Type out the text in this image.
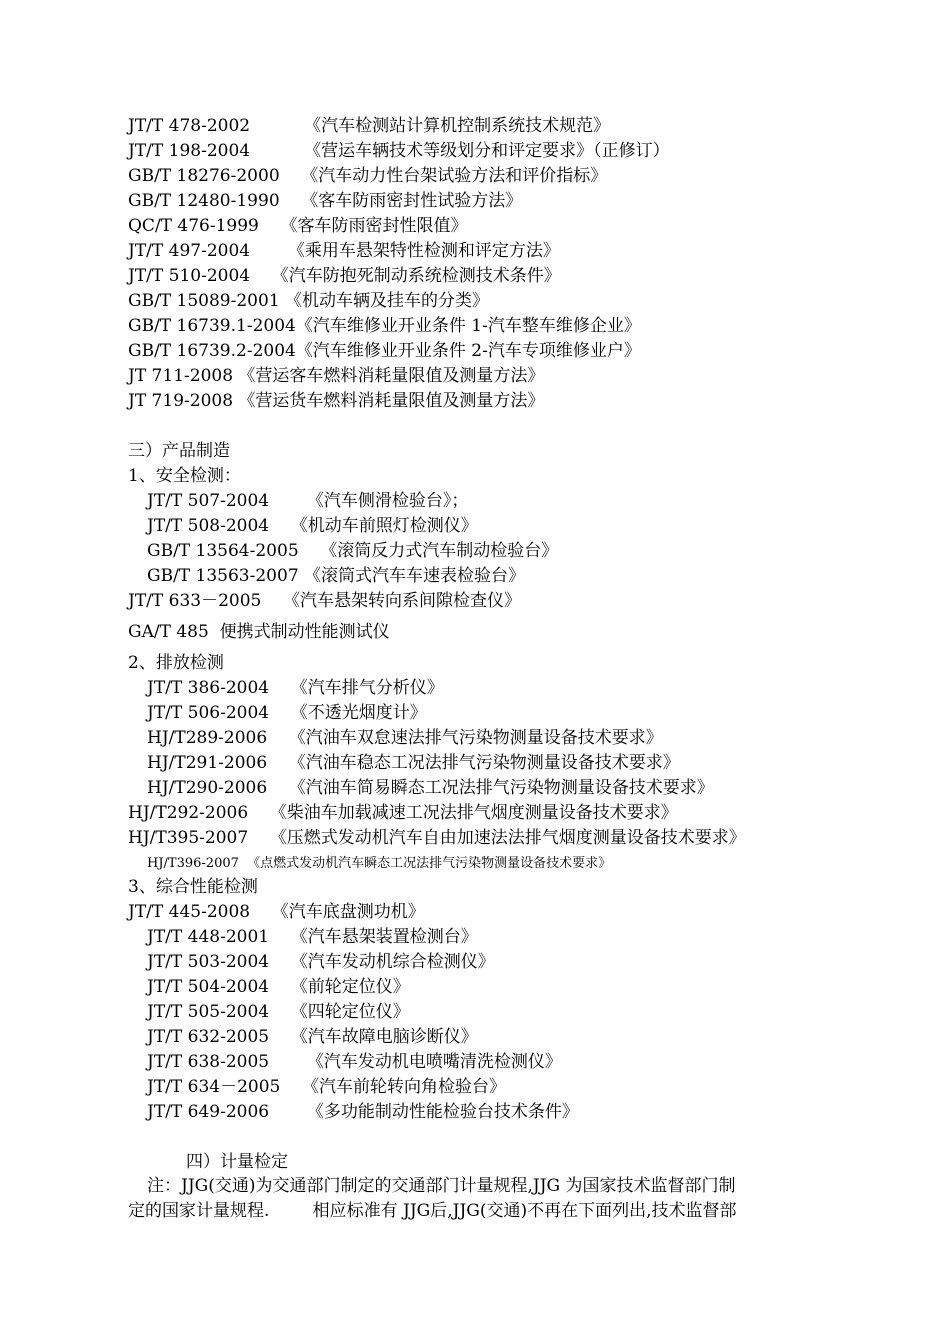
JT/T 478-2002          《汽车检测站计算机控制系统技术规范》
JT/T 198-2004          《营运车辆技术等级划分和评定要求》（正修订）
GB/T 18276-2000    《汽车动力性台架试验方法和评价指标》
GB/T 12480-1990    《客车防雨密封性试验方法》
QC/T 476-1999    《客车防雨密封性限值》
JT/T 497-2004       《乘用车悬架特性检测和评定方法》
JT/T 510-2004    《汽车防抱死制动系统检测技术条件》
GB/T 15089-2001 《机动车辆及挂车的分类》
GB/T 16739.1-2004《汽车维修业开业条件 1-汽车整车维修企业》
GB/T 16739.2-2004《汽车维修业开业条件 2-汽车专项维修业户》
JT 711-2008 《营运客车燃料消耗量限值及测量方法》
JT 719-2008 《营运货车燃料消耗量限值及测量方法》
三）产品制造
1、安全检测：
JT/T 507-2004       《汽车侧滑检验台》；
JT/T 508-2004    《机动车前照灯检测仪》
GB/T 13564-2005    《滚筒反力式汽车制动检验台》
GB/T 13563-2007 《滚筒式汽车车速表检验台》
JT/T 633－2005    《汽车悬架转向系间隙检查仪》
GA/T 485  便携式制动性能测试仪
2、排放检测
JT/T 386-2004    《汽车排气分析仪》
JT/T 506-2004    《不透光烟度计》
HJ/T289-2006    《汽油车双怠速法排气污染物测量设备技术要求》
HJ/T291-2006    《汽油车稳态工况法排气污染物测量设备技术要求》
HJ/T290-2006    《汽油车简易瞬态工况法排气污染物测量设备技术要求》
HJ/T292-2006    《柴油车加载减速工况法排气烟度测量设备技术要求》
HJ/T395-2007    《压燃式发动机汽车自由加速法法排气烟度测量设备技术要求》
HJ/T396-2007  《点燃式发动机汽车瞬态工况法排气污染物测量设备技术要求》
3、综合性能检测
JT/T 445-2008    《汽车底盘测功机》
JT/T 448-2001    《汽车悬架装置检测台》
JT/T 503-2004    《汽车发动机综合检测仪》
JT/T 504-2004    《前轮定位仪》
JT/T 505-2004    《四轮定位仪》
JT/T 632-2005    《汽车故障电脑诊断仪》
JT/T 638-2005       《汽车发动机电喷嘴清洗检测仪》
JT/T 634－2005    《汽车前轮转向角检验台》
JT/T 649-2006       《多功能制动性能检验台技术条件》
四）计量检定
注：JJG(交通)为交通部门制定的交通部门计量规程,JJG 为国家技术监督部门制
定的国家计量规程.        相应标准有 JJG后,JJG(交通)不再在下面列出,技术监督部
